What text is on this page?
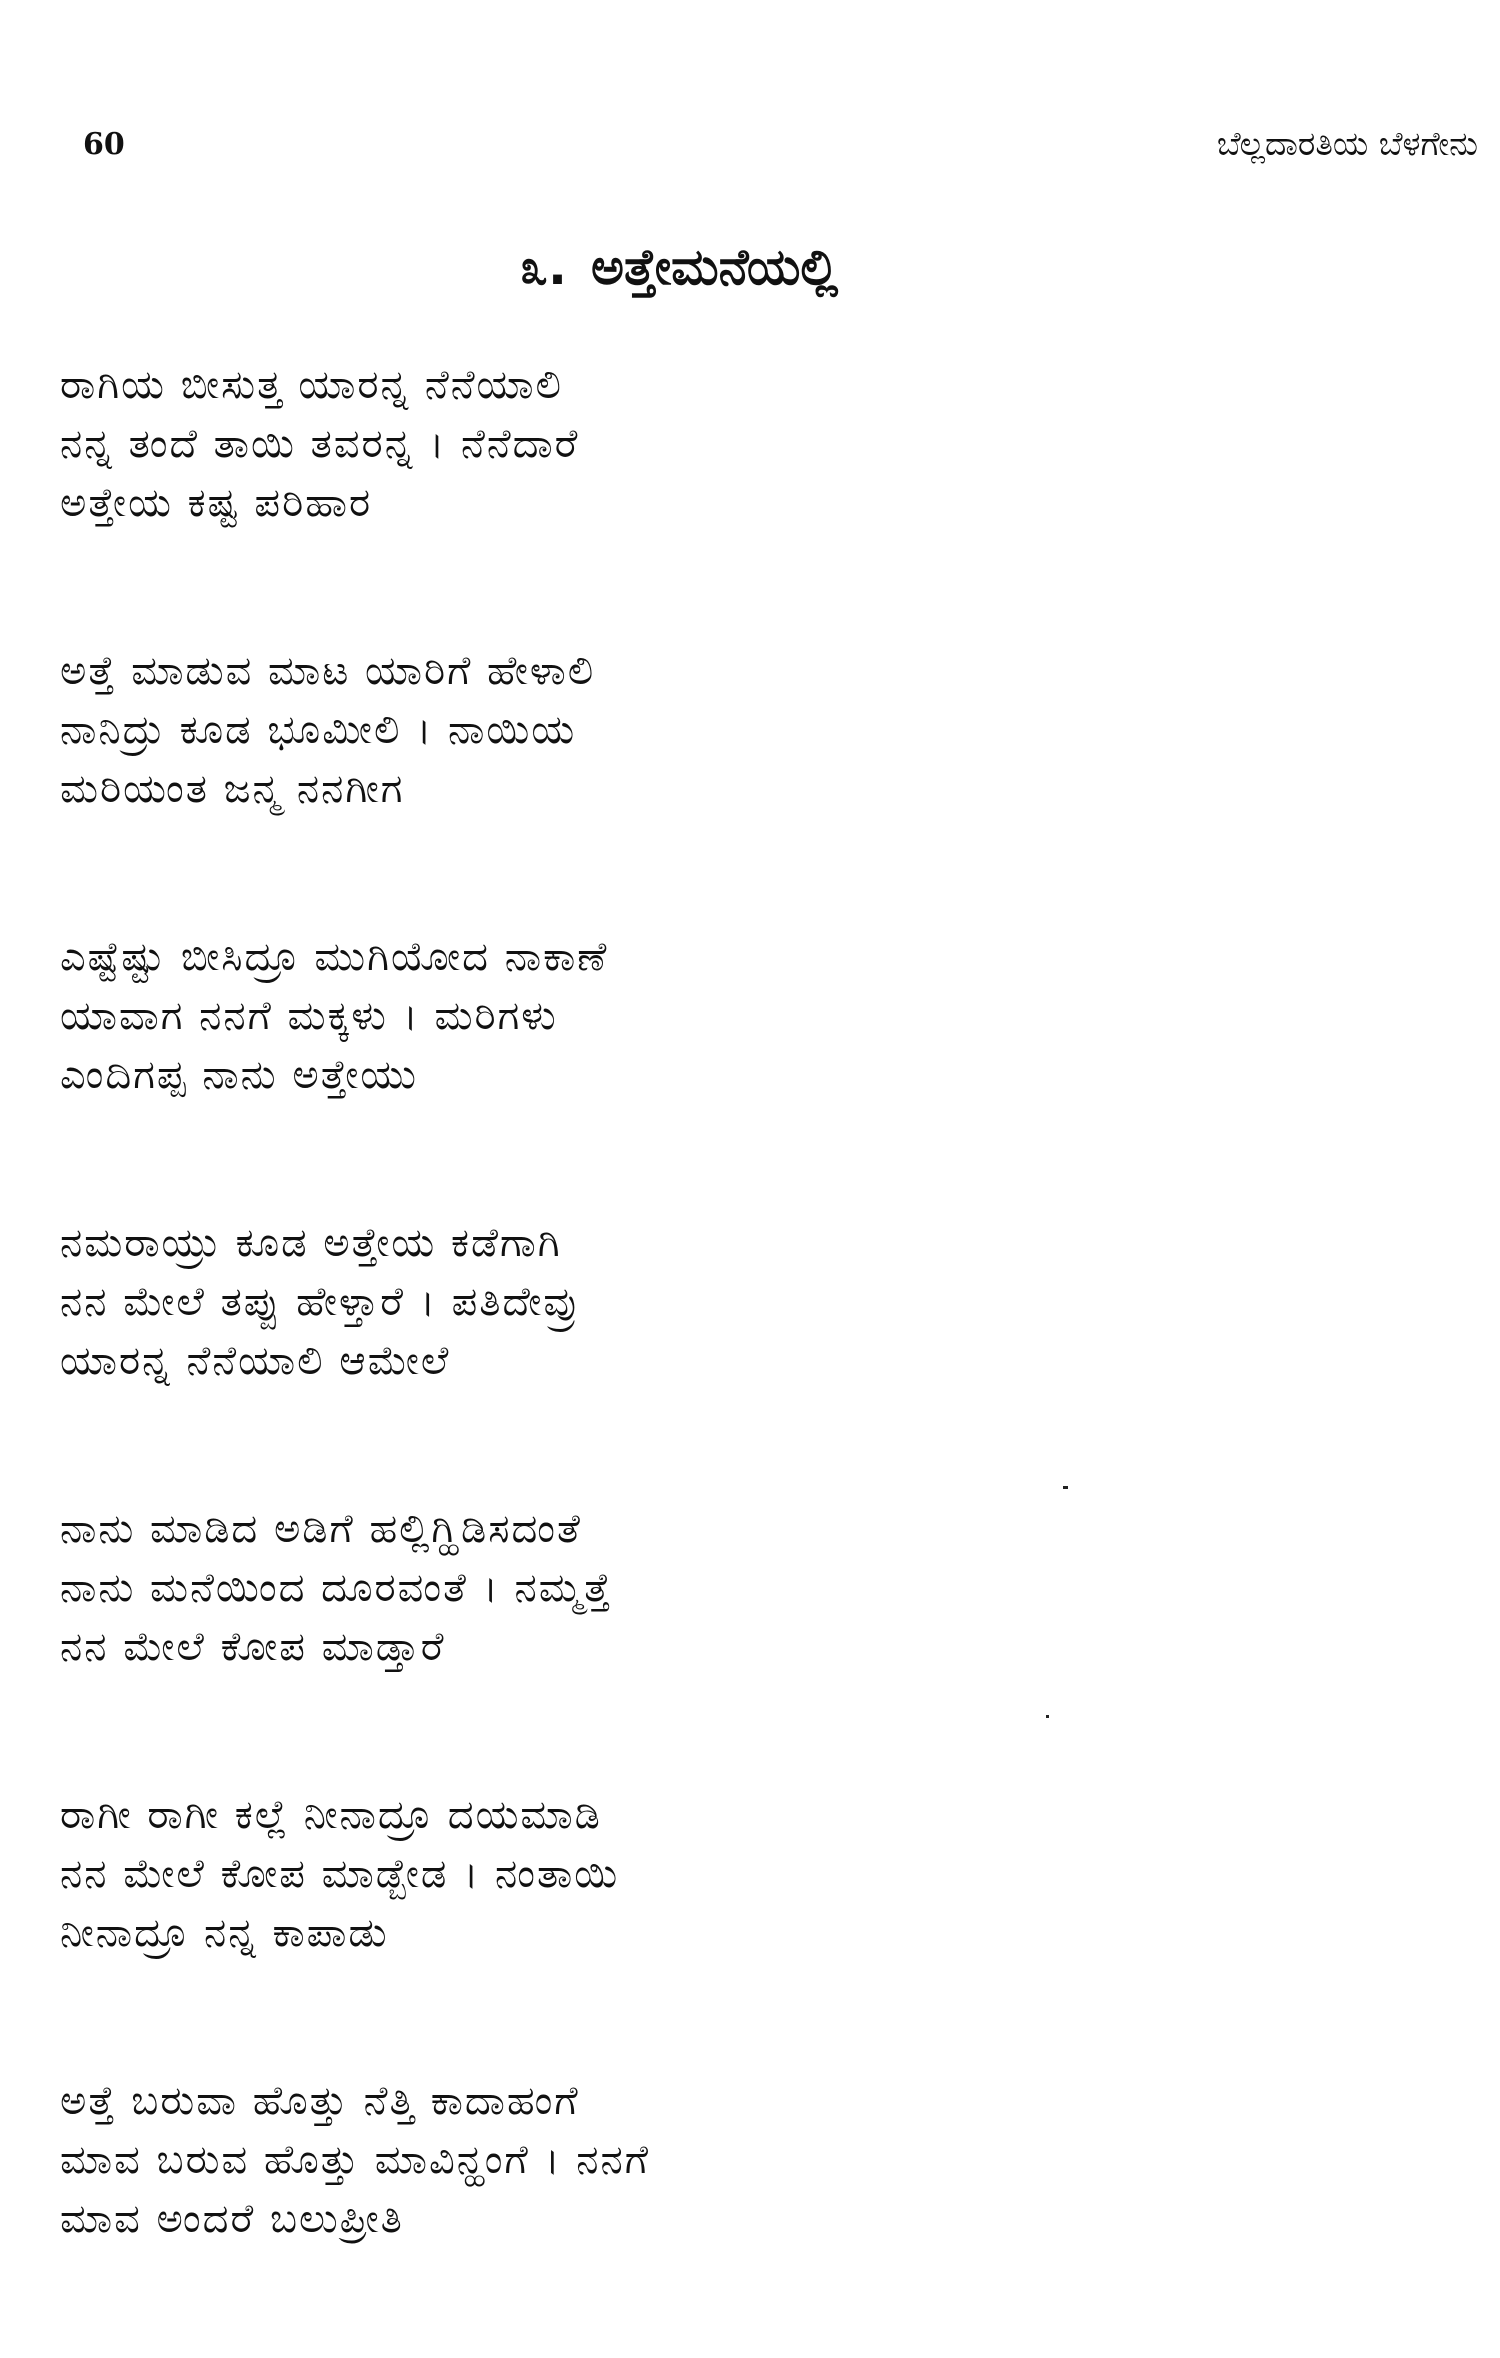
60	ಬೆಲ್ಲದಾರತಿಯ ಬೆಳಗೇನು
೩. ಅತ್ತೇಮನೆಯಲ್ಲಿ
ರಾಗಿಯ ಬೀಸುತ್ತ ಯಾರನ್ನ ನೆನೆಯಾಲಿ
ನನ್ನ ತಂದೆ ತಾಯಿ ತವರನ್ನ । ನೆನೆದಾರೆ
ಅತ್ತೇಯ ಕಷ್ಟ ಪರಿಹಾರ
ಅತ್ತೆ ಮಾಡುವ ಮಾಟ ಯಾರಿಗೆ ಹೇಳಾಲಿ
ನಾನಿದ್ರು ಕೂಡ ಭೂಮೀಲಿ । ನಾಯಿಯ
ಮರಿಯಂತ ಜನ್ಮ ನನಗೀಗ
ಎಷ್ಟೆಷ್ಟು ಬೀಸಿದ್ರೂ ಮುಗಿಯೋದ ನಾಕಾಣೆ
ಯಾವಾಗ ನನಗೆ ಮಕ್ಕಳು । ಮರಿಗಳು
ಎಂದಿಗಪ್ಪ ನಾನು ಅತ್ತೇಯು
ನಮರಾಯ್ರು ಕೂಡ ಅತ್ತೇಯ ಕಡೆಗಾಗಿ
ನನ ಮೇಲೆ ತಪ್ಪು ಹೇಳ್ತಾರೆ । ಪತಿದೇವ್ರು
ಯಾರನ್ನ ನೆನೆಯಾಲಿ ಆಮೇಲೆ
ನಾನು ಮಾಡಿದ ಅಡಿಗೆ ಹಲ್ಲಿಗ್ಹಿಡಿಸದಂತೆ
ನಾನು ಮನೆಯಿಂದ ದೂರವಂತೆ । ನಮ್ಮತ್ತೆ
ನನ ಮೇಲೆ ಕೋಪ ಮಾಡ್ತಾರೆ
ರಾಗೀ ರಾಗೀ ಕಲ್ಲೆ ನೀನಾದ್ರೂ ದಯಮಾಡಿ
ನನ ಮೇಲೆ ಕೋಪ ಮಾಡ್ಬೇಡ । ನಂತಾಯಿ
ನೀನಾದ್ರೂ ನನ್ನ ಕಾಪಾಡು
ಅತ್ತೆ ಬರುವಾ ಹೊತ್ತು ನೆತ್ತಿ ಕಾದಾಹಂಗೆ
ಮಾವ ಬರುವ ಹೊತ್ತು ಮಾವಿನ್ಹಂಗೆ । ನನಗೆ
ಮಾವ ಅಂದರೆ ಬಲುಪ್ರೀತಿ
